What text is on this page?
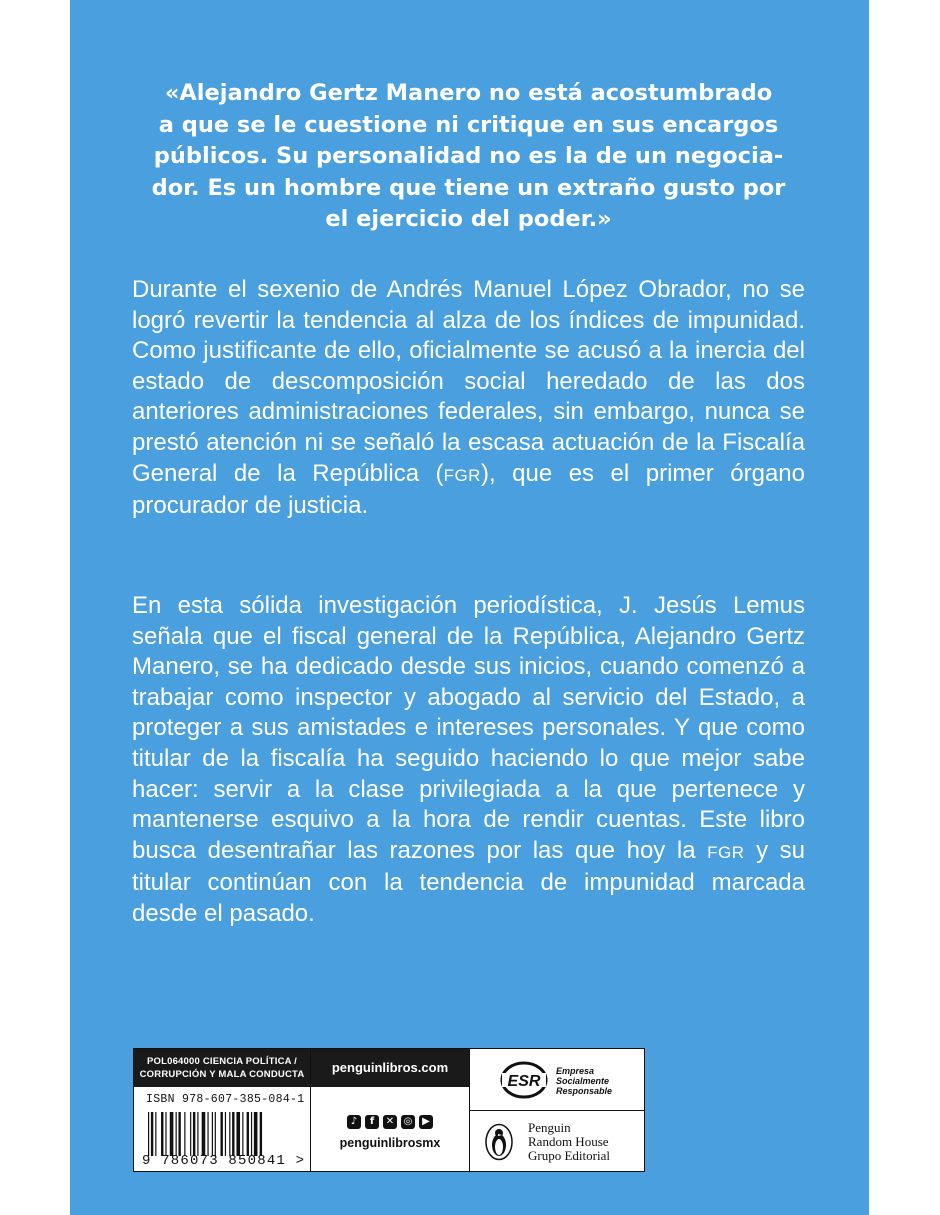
«Alejandro Gertz Manero no está acostumbrado
a que se le cuestione ni critique en sus encargos
públicos. Su personalidad no es la de un negocia-
dor. Es un hombre que tiene un extraño gusto por
el ejercicio del poder.»

Durante el sexenio de Andrés Manuel López Obrador, no se logró revertir la tendencia al alza de los índices de impunidad. Como justificante de ello, oficialmente se acusó a la inercia del estado de descomposición social heredado de las dos anteriores administraciones federales, sin embargo, nunca se prestó atención ni se señaló la escasa actuación de la Fiscalía General de la República (FGR), que es el primer órgano procurador de justicia.

En esta sólida investigación periodística, J. Jesús Lemus señala que el fiscal general de la República, Alejandro Gertz Manero, se ha dedicado desde sus inicios, cuando comenzó a trabajar como inspector y abogado al servicio del Estado, a proteger a sus amistades e intereses personales. Y que como titular de la fiscalía ha seguido haciendo lo que mejor sabe hacer: servir a la clase privilegiada a la que pertenece y mantenerse esquivo a la hora de rendir cuentas. Este libro busca desentrañar las razones por las que hoy la FGR y su titular continúan con la tendencia de impunidad marcada desde el pasado.

POL064000 CIENCIA POLÍTICA /
CORRUPCIÓN Y MALA CONDUCTA
ISBN 978-607-385-084-1
9 786073 850841 >
penguinlibros.com
♪ f ✕ ◎ ▶
penguinlibrosmx
ESR
Empresa
Socialmente
Responsable
Penguin
Random House
Grupo Editorial
